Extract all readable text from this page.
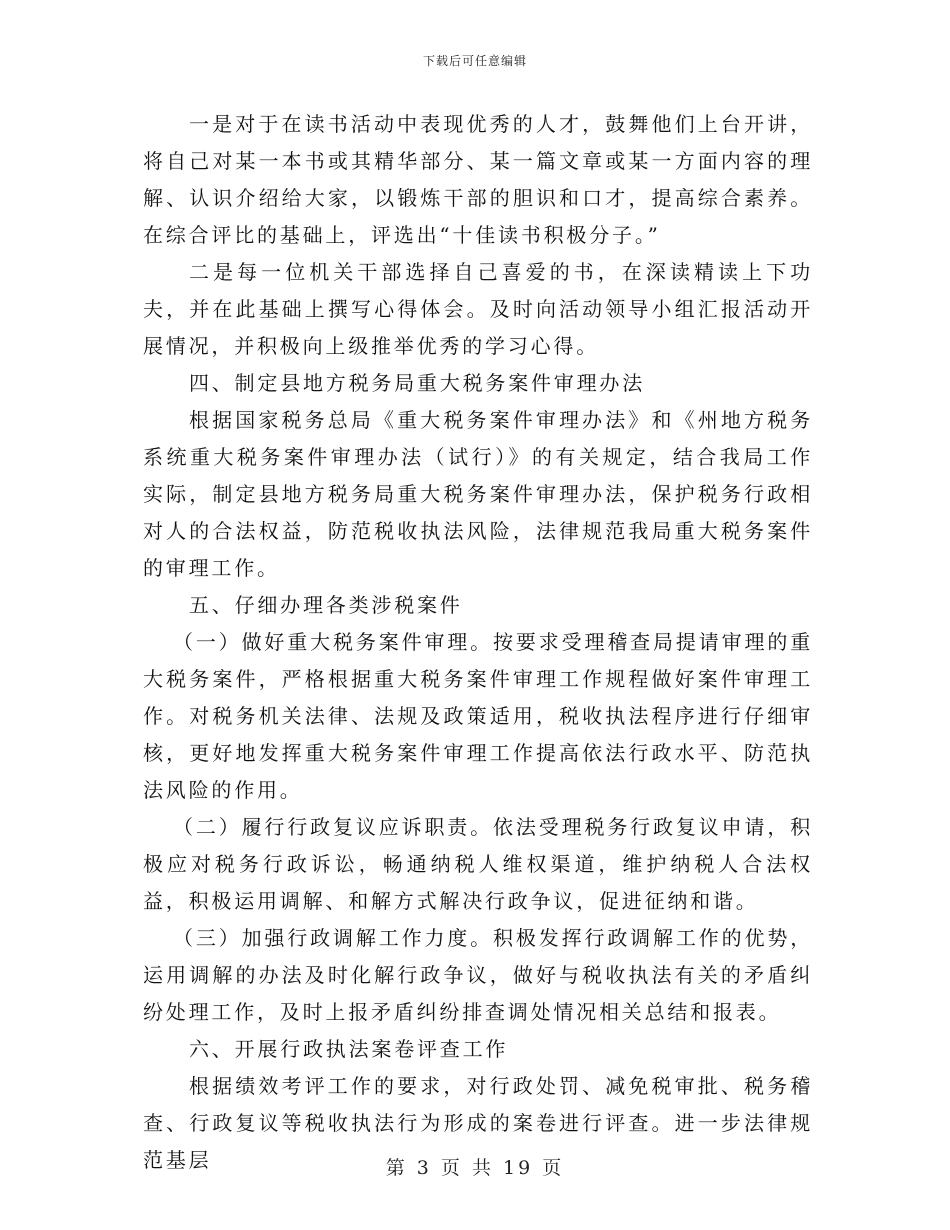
下载后可任意编辑

一是对于在读书活动中表现优秀的人才，鼓舞他们上台开讲，将自己对某一本书或其精华部分、某一篇文章或某一方面内容的理解、认识介绍给大家，以锻炼干部的胆识和口才，提高综合素养。在综合评比的基础上，评选出“十佳读书积极分子。”

二是每一位机关干部选择自己喜爱的书，在深读精读上下功夫，并在此基础上撰写心得体会。及时向活动领导小组汇报活动开展情况，并积极向上级推举优秀的学习心得。

四、制定县地方税务局重大税务案件审理办法

根据国家税务总局《重大税务案件审理办法》和《州地方税务系统重大税务案件审理办法（试行）》的有关规定，结合我局工作实际，制定县地方税务局重大税务案件审理办法，保护税务行政相对人的合法权益，防范税收执法风险，法律规范我局重大税务案件的审理工作。

五、仔细办理各类涉税案件

（一）做好重大税务案件审理。按要求受理稽查局提请审理的重大税务案件，严格根据重大税务案件审理工作规程做好案件审理工作。对税务机关法律、法规及政策适用，税收执法程序进行仔细审核，更好地发挥重大税务案件审理工作提高依法行政水平、防范执法风险的作用。

（二）履行行政复议应诉职责。依法受理税务行政复议申请，积极应对税务行政诉讼，畅通纳税人维权渠道，维护纳税人合法权益，积极运用调解、和解方式解决行政争议，促进征纳和谐。

（三）加强行政调解工作力度。积极发挥行政调解工作的优势，运用调解的办法及时化解行政争议，做好与税收执法有关的矛盾纠纷处理工作，及时上报矛盾纠纷排查调处情况相关总结和报表。

六、开展行政执法案卷评查工作

根据绩效考评工作的要求，对行政处罚、减免税审批、税务稽查、行政复议等税收执法行为形成的案卷进行评查。进一步法律规范基层	第 3 页 共 19 页
